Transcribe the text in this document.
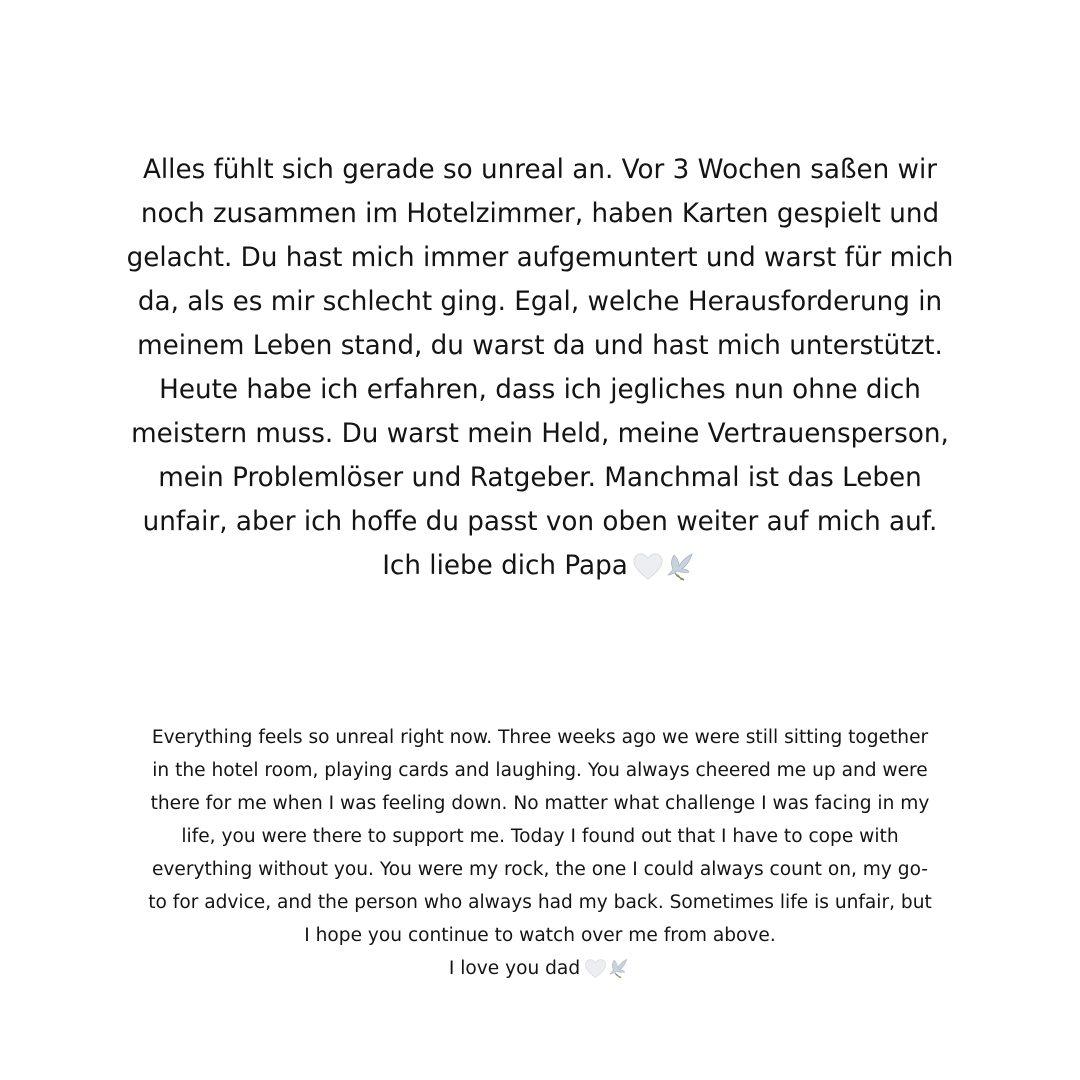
Alles fühlt sich gerade so unreal an. Vor 3 Wochen saßen wir
noch zusammen im Hotelzimmer, haben Karten gespielt und
gelacht. Du hast mich immer aufgemuntert und warst für mich
da, als es mir schlecht ging. Egal, welche Herausforderung in
meinem Leben stand, du warst da und hast mich unterstützt.
Heute habe ich erfahren, dass ich jegliches nun ohne dich
meistern muss. Du warst mein Held, meine Vertrauensperson,
mein Problemlöser und Ratgeber. Manchmal ist das Leben
unfair, aber ich hoffe du passt von oben weiter auf mich auf.
Ich liebe dich Papa
Everything feels so unreal right now. Three weeks ago we were still sitting together
in the hotel room, playing cards and laughing. You always cheered me up and were
there for me when I was feeling down. No matter what challenge I was facing in my
life, you were there to support me. Today I found out that I have to cope with
everything without you. You were my rock, the one I could always count on, my go-
to for advice, and the person who always had my back. Sometimes life is unfair, but
I hope you continue to watch over me from above.
I love you dad
